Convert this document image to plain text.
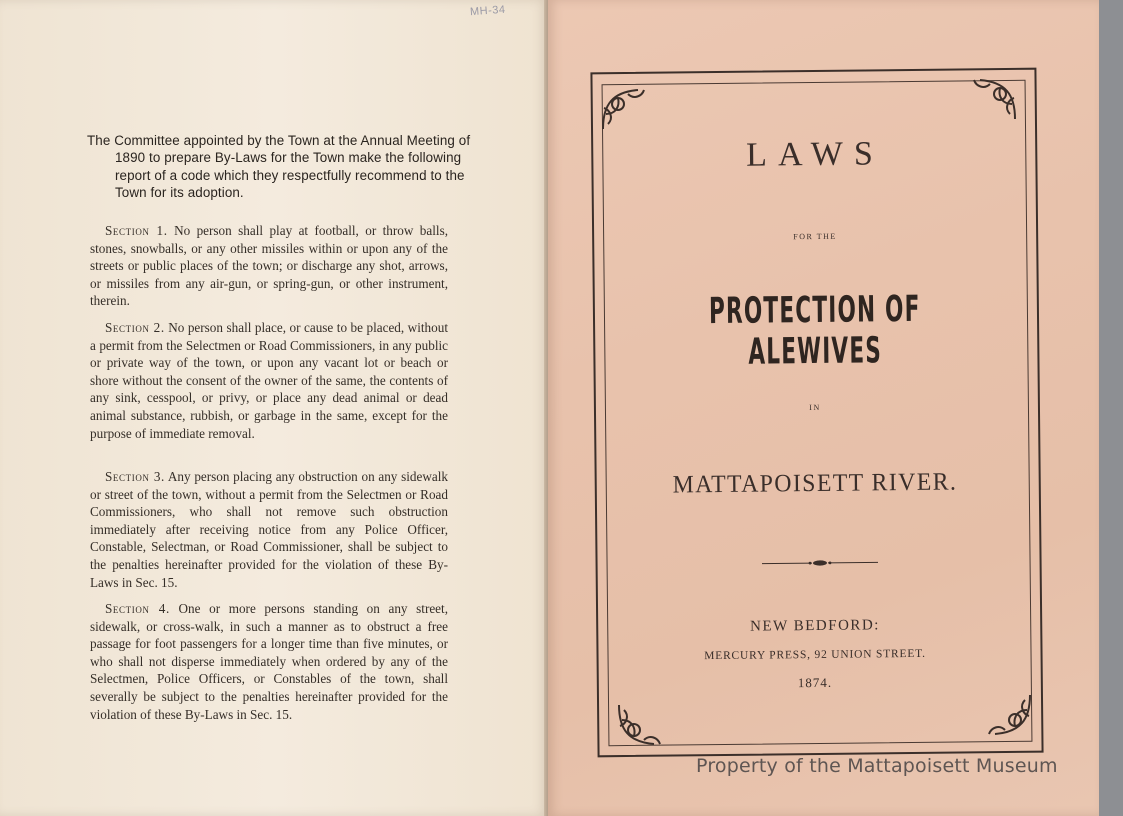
MH-34
The Committee appointed by the Town at the Annual Meeting of 1890 to prepare By-Laws for the Town make the following report of a code which they respectfully recommend to the Town for its adoption.
Section 1. No person shall play at football, or throw balls, stones, snowballs, or any other missiles within or upon any of the streets or public places of the town; or discharge any shot, arrows, or missiles from any air-gun, or spring-gun, or other instrument, therein.
Section 2. No person shall place, or cause to be placed, without a permit from the Selectmen or Road Commissioners, in any public or private way of the town, or upon any vacant lot or beach or shore without the consent of the owner of the same, the contents of any sink, cesspool, or privy, or place any dead animal or dead animal substance, rubbish, or garbage in the same, except for the purpose of immediate removal.
Section 3. Any person placing any obstruction on any sidewalk or street of the town, without a permit from the Selectmen or Road Commissioners, who shall not remove such obstruction immediately after receiving notice from any Police Officer, Constable, Selectman, or Road Commissioner, shall be subject to the penalties hereinafter provided for the violation of these By-Laws in Sec. 15.
Section 4. One or more persons standing on any street, sidewalk, or cross-walk, in such a manner as to obstruct a free passage for foot passengers for a longer time than five minutes, or who shall not disperse immediately when ordered by any of the Selectmen, Police Officers, or Constables of the town, shall severally be subject to the penalties hereinafter provided for the violation of these By-Laws in Sec. 15.
LAWS
FOR THE
PROTECTION OF ALEWIVES
IN
MATTAPOISETT RIVER.
NEW BEDFORD:
MERCURY PRESS, 92 UNION STREET.
1874.
Property of the Mattapoisett Museum
